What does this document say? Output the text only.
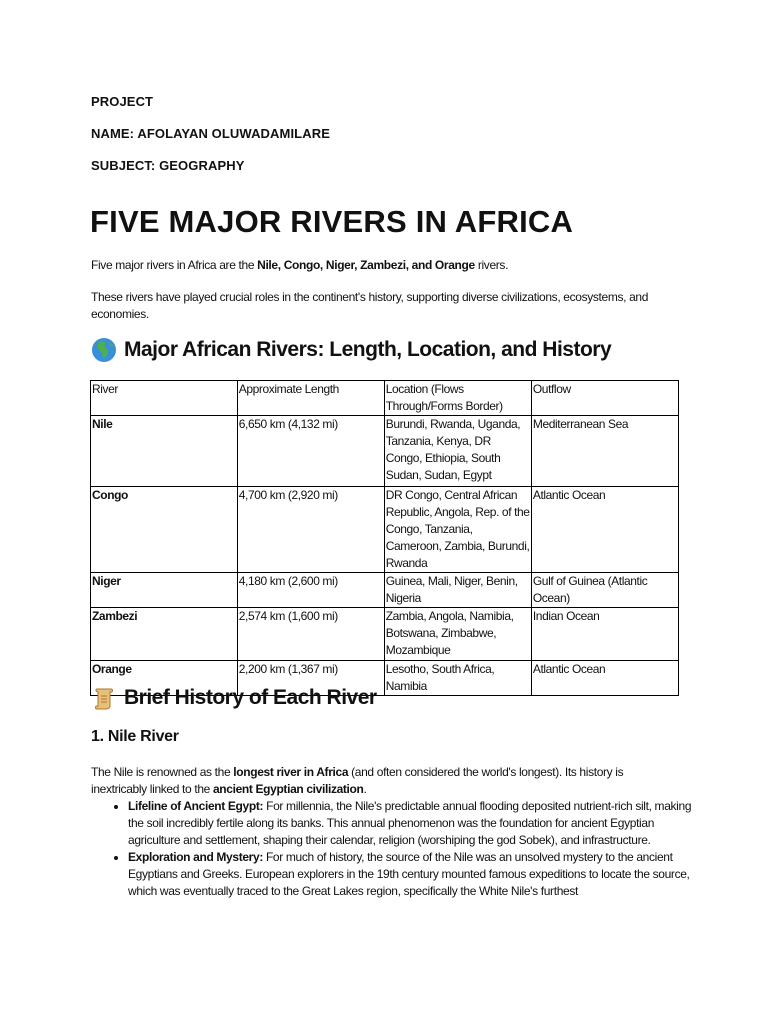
PROJECT
NAME: AFOLAYAN OLUWADAMILARE
SUBJECT: GEOGRAPHY
FIVE MAJOR RIVERS IN AFRICA

Five major rivers in Africa are the Nile, Congo, Niger, Zambezi, and Orange rivers.

These rivers have played crucial roles in the continent's history, supporting diverse civilizations, ecosystems, and economies.

Major African Rivers: Length, Location, and History
River	Approximate Length	Location (Flows Through/Forms Border)	Outflow
Nile	6,650 km (4,132 mi)	Burundi, Rwanda, Uganda, Tanzania, Kenya, DR Congo, Ethiopia, South Sudan, Sudan, Egypt	Mediterranean Sea
Congo	4,700 km (2,920 mi)	DR Congo, Central African Republic, Angola, Rep. of the Congo, Tanzania, Cameroon, Zambia, Burundi, Rwanda	Atlantic Ocean
Niger	4,180 km (2,600 mi)	Guinea, Mali, Niger, Benin, Nigeria	Gulf of Guinea (Atlantic Ocean)
Zambezi	2,574 km (1,600 mi)	Zambia, Angola, Namibia, Botswana, Zimbabwe, Mozambique	Indian Ocean
Orange	2,200 km (1,367 mi)	Lesotho, South Africa, Namibia	Atlantic Ocean
Brief History of Each River
1. Nile River

The Nile is renowned as the longest river in Africa (and often considered the world's longest). Its history is inextricably linked to the ancient Egyptian civilization.

• Lifeline of Ancient Egypt: For millennia, the Nile's predictable annual flooding deposited nutrient-rich silt, making the soil incredibly fertile along its banks. This annual phenomenon was the foundation for ancient Egyptian agriculture and settlement, shaping their calendar, religion (worshiping the god Sobek), and infrastructure.
• Exploration and Mystery: For much of history, the source of the Nile was an unsolved mystery to the ancient Egyptians and Greeks. European explorers in the 19th century mounted famous expeditions to locate the source, which was eventually traced to the Great Lakes region, specifically the White Nile's furthest
